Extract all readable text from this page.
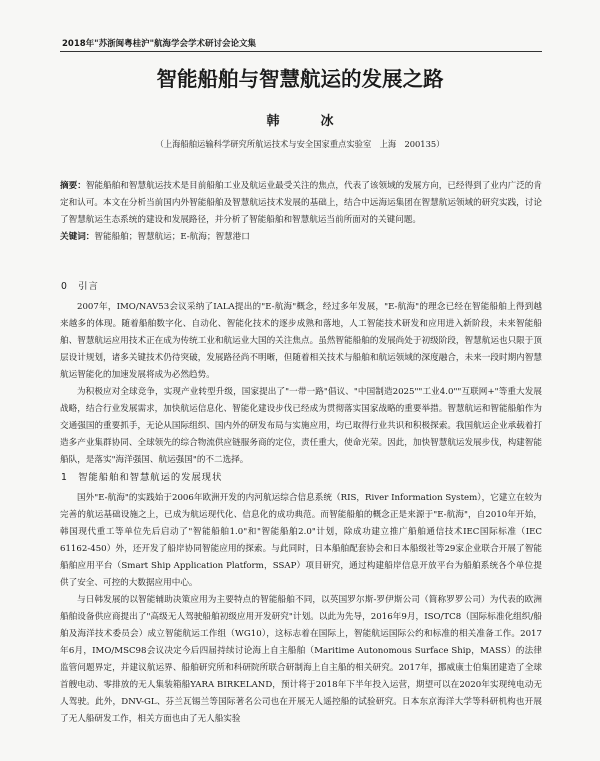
2018年"苏浙闽粤桂沪"航海学会学术研讨会论文集
智能船舶与智慧航运的发展之路
韩　冰
（上海船舶运输科学研究所航运技术与安全国家重点实验室　上海　200135）
摘要：智能船舶和智慧航运技术是目前船舶工业及航运业最受关注的焦点，代表了该领域的发展方向，已经得到了业内广泛的肯定和认可。本文在分析当前国内外智能船舶及智慧航运技术发展的基础上，结合中远海运集团在智慧航运领域的研究实践，讨论了智慧航运生态系统的建设和发展路径，并分析了智能船舶和智慧航运当前所面对的关键问题。
关键词：智能船舶；智慧航运；E-航海；智慧港口
0　引言

2007年，IMO/NAV53会议采纳了IALA提出的"E-航海"概念，经过多年发展，"E-航海"的理念已经在智能船舶上得到越来越多的体现。随着船舶数字化、自动化、智能化技术的逐步成熟和落地，人工智能技术研发和应用进入新阶段，未来智能船舶、智慧航运应用技术正在成为传统工业和航运业大国的关注焦点。虽然智能船舶的发展尚处于初级阶段，智慧航运也只限于顶层设计规划，诸多关键技术仍待突破，发展路径尚不明晰，但随着相关技术与船舶和航运领域的深度融合，未来一段时期内智慧航运智能化的加速发展将成为必然趋势。

为积极应对全球竞争，实现产业转型升级，国家提出了"一带一路"倡议、"中国制造2025""工业4.0""互联网+"等重大发展战略，结合行业发展需求，加快航运信息化、智能化建设步伐已经成为贯彻落实国家战略的重要举措。智慧航运和智能船舶作为交通强国的重要抓手，无论从国际组织、国内外的研发布局与实施应用，均已取得行业共识和积极探索。我国航运企业承载着打造多产业集群协同、全球领先的综合物流供应链服务商的定位，责任重大，使命光荣。因此，加快智慧航运发展步伐，构建智能船队，是落实"海洋强国、航运强国"的不二选择。

1　智能船舶和智慧航运的发展现状

国外"E-航海"的实践始于2006年欧洲开发的内河航运综合信息系统（RIS，River Information System），它建立在较为完善的航运基础设施之上，已成为航运现代化、信息化的成功典范。而智能船舶的概念正是来源于"E-航海"，自2010年开始，韩国现代重工等单位先后启动了"智能船舶1.0"和"智能船舶2.0"计划，除成功建立推广船舶通信技术IEC国际标准（IEC 61162-450）外，还开发了船岸协同智能应用的探索。与此同时，日本船舶配套协会和日本船级社等29家企业联合开展了智能船舶应用平台（Smart Ship Application Platform，SSAP）项目研究，通过构建船岸信息开放平台为船舶系统各个单位提供了安全、可控的大数据应用中心。

与日韩发展的以智能辅助决策应用为主要特点的智能船舶不同，以英国罗尔斯-罗伊斯公司（简称罗罗公司）为代表的欧洲船舶设备供应商提出了"高级无人驾驶船舶初级应用开发研究"计划。以此为先导，2016年9月，ISO/TC8（国际标准化组织/船舶及海洋技术委员会）成立智能航运工作组（WG10），这标志着在国际上，智能航运国际公约和标准的相关准备工作。2017年6月，IMO/MSC98会议决定今后四届持续讨论海上自主船舶（Maritime Autonomous Surface Ship，MASS）的法律监管问题界定，并建议航运界、船舶研究所和科研院所联合研制海上自主船的相关研究。2017年，挪威康士伯集团建造了全球首艘电动、零排放的无人集装箱船YARA BIRKELAND，预计将于2018年下半年投入运营，期望可以在2020年实现纯电动无人驾驶。此外，DNV-GL、芬兰瓦锡兰等国际著名公司也在开展无人遥控船的试验研究。日本东京海洋大学等科研机构也开展了无人船研发工作，相关方面也由了无人船实验
